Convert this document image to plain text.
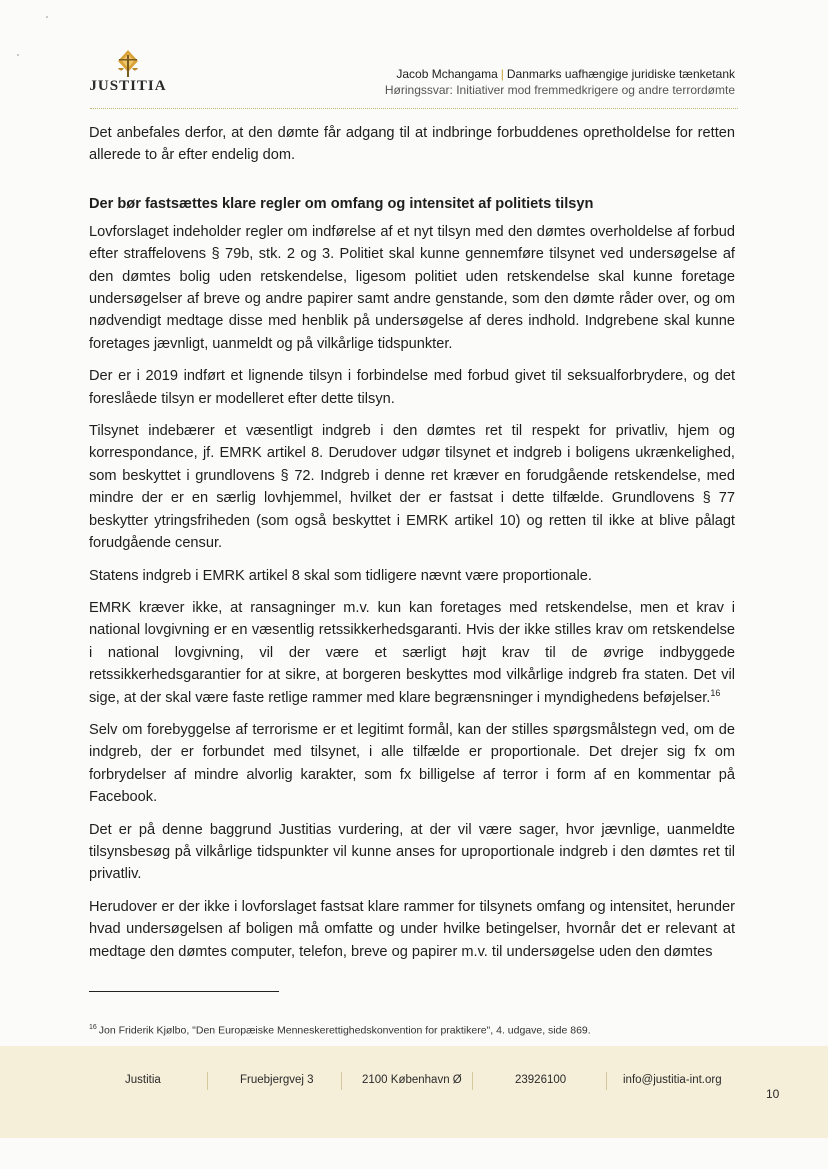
JUSTITIA
Jacob Mchangama | Danmarks uafhængige juridiske tænketank
Høringssvar: Initiativer mod fremmedkrigere og andre terrordømte

Det anbefales derfor, at den dømte får adgang til at indbringe forbuddenes opretholdelse for retten allerede to år efter endelig dom.

Der bør fastsættes klare regler om omfang og intensitet af politiets tilsyn

Lovforslaget indeholder regler om indførelse af et nyt tilsyn med den dømtes overholdelse af forbud efter straffelovens § 79b, stk. 2 og 3. Politiet skal kunne gennemføre tilsynet ved undersøgelse af den dømtes bolig uden retskendelse, ligesom politiet uden retskendelse skal kunne foretage undersøgelser af breve og andre papirer samt andre genstande, som den dømte råder over, og om nødvendigt medtage disse med henblik på undersøgelse af deres indhold. Indgrebene skal kunne foretages jævnligt, uanmeldt og på vilkårlige tidspunkter.

Der er i 2019 indført et lignende tilsyn i forbindelse med forbud givet til seksualforbrydere, og det foreslåede tilsyn er modelleret efter dette tilsyn.

Tilsynet indebærer et væsentligt indgreb i den dømtes ret til respekt for privatliv, hjem og korrespondance, jf. EMRK artikel 8. Derudover udgør tilsynet et indgreb i boligens ukrænkelighed, som beskyttet i grundlovens § 72. Indgreb i denne ret kræver en forudgående retskendelse, med mindre der er en særlig lovhjemmel, hvilket der er fastsat i dette tilfælde. Grundlovens § 77 beskytter ytringsfriheden (som også beskyttet i EMRK artikel 10) og retten til ikke at blive pålagt forudgående censur.

Statens indgreb i EMRK artikel 8 skal som tidligere nævnt være proportionale.

EMRK kræver ikke, at ransagninger m.v. kun kan foretages med retskendelse, men et krav i national lovgivning er en væsentlig retssikkerhedsgaranti. Hvis der ikke stilles krav om retskendelse i national lovgivning, vil der være et særligt højt krav til de øvrige indbyggede retssikkerhedsgarantier for at sikre, at borgeren beskyttes mod vilkårlige indgreb fra staten. Det vil sige, at der skal være faste retlige rammer med klare begrænsninger i myndighedens beføjelser.$^{16}$

Selv om forebyggelse af terrorisme er et legitimt formål, kan der stilles spørgsmålstegn ved, om de indgreb, der er forbundet med tilsynet, i alle tilfælde er proportionale. Det drejer sig fx om forbrydelser af mindre alvorlig karakter, som fx billigelse af terror i form af en kommentar på Facebook.

Det er på denne baggrund Justitias vurdering, at der vil være sager, hvor jævnlige, uanmeldte tilsynsbesøg på vilkårlige tidspunkter vil kunne anses for uproportionale indgreb i den dømtes ret til privatliv.

Herudover er der ikke i lovforslaget fastsat klare rammer for tilsynets omfang og intensitet, herunder hvad undersøgelsen af boligen må omfatte og under hvilke betingelser, hvornår det er relevant at medtage den dømtes computer, telefon, breve og papirer m.v. til undersøgelse uden den dømtes

$^{16}$ Jon Friderik Kjølbo, "Den Europæiske Menneskerettighedskonvention for praktikere", 4. udgave, side 869.
Justitia	Fruebjergvej 3	2100 København Ø	23926100	info@justitia-int.org
10
